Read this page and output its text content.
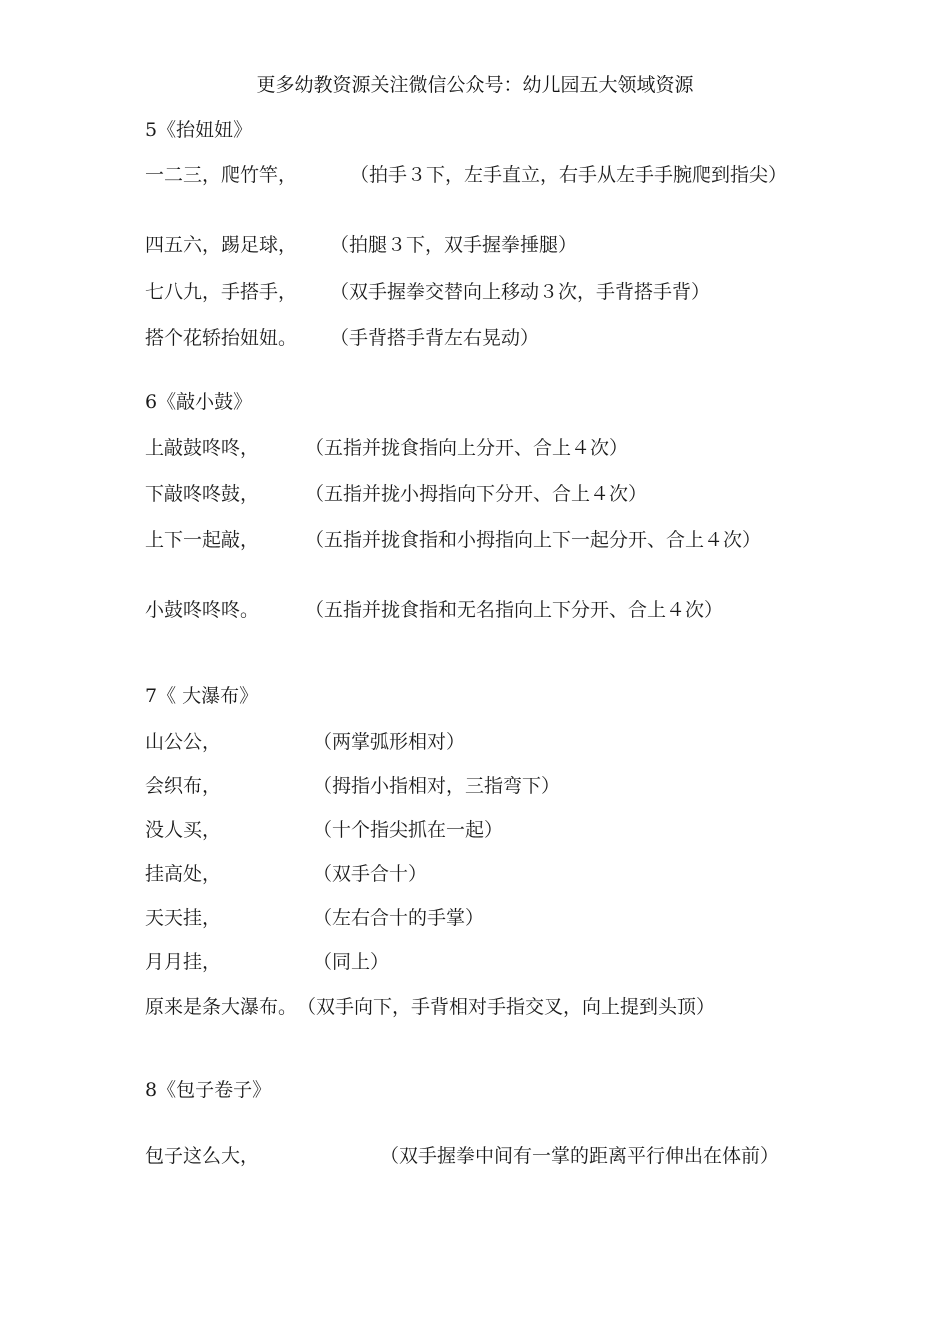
更多幼教资源关注微信公众号：幼儿园五大领域资源
5《抬妞妞》
一二三，爬竹竿，	（拍手３下，左手直立，右手从左手手腕爬到指尖）
四五六，踢足球， （拍腿３下，双手握拳捶腿）
七八九，手搭手， （双手握拳交替向上移动３次，手背搭手背）
搭个花轿抬妞妞。 （手背搭手背左右晃动）
6《敲小鼓》
上敲鼓咚咚， （五指并拢食指向上分开、合上４次）
下敲咚咚鼓， （五指并拢小拇指向下分开、合上４次）
上下一起敲， （五指并拢食指和小拇指向上下一起分开、合上４次）
小鼓咚咚咚。 （五指并拢食指和无名指向上下分开、合上４次）
7《 大瀑布》
山公公，	（两掌弧形相对）
会织布，	（拇指小指相对，三指弯下）
没人买，	（十个指尖抓在一起）
挂高处，	（双手合十）
天天挂，	（左右合十的手掌）
月月挂，	（同上）
原来是条大瀑布。（双手向下，手背相对手指交叉，向上提到头顶）
8《包子卷子》
包子这么大，	（双手握拳中间有一掌的距离平行伸出在体前）
